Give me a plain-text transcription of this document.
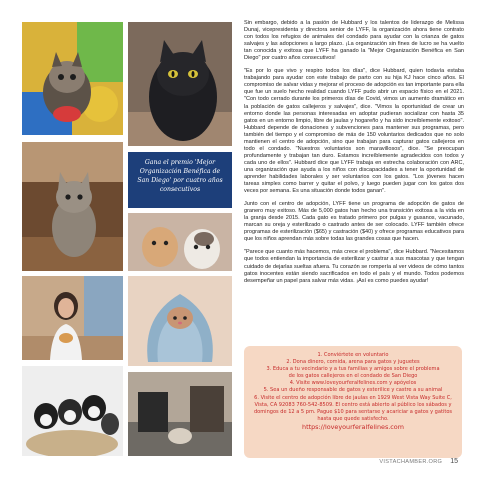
Gana el premio 'Mejor
Organización Benéfica de
San Diego' por cuatro años
consecutivos

Sin embargo, debido a la pasión de Hubbard y los talentos de liderazgo de Melissa Dunaj, vicepresidenta y directora senior de LYFF, la organización ahora tiene contrato con todos los refugios de animales del condado para ayudar con la crianza de gatos salvajes y las adopciones a largo plazo. ¡La organización sin fines de lucro se ha vuelto tan conocida y exitosa que LYFF ha ganado la "Mejor Organización Benéfica en San Diego" por cuatro años consecutivos!

"Es por lo que vivo y respiro todos los días", dice Hubbard, quien todavía estaba trabajando para ayudar con este trabajo de parto con su hija KJ hace cinco años. El compromiso de salvar vidas y mejorar el proceso de adopción es tan importante para ella que fue un suelo hecho realidad cuando LYFF pudo abrir un espacio físico en el 2021. "Con todo cerrado durante los primeros días de Covid, vimos un aumento dramático en la población de gatos callejeros y salvajes", dice. "Vimos la oportunidad de crear un entorno donde las personas interesadas en adoptar pudieran socializar con hasta 35 gatos en un entorno limpio, libre de jaulas y hogareño y ha sido increíblemente exitoso". Hubbard depende de donaciones y subvenciones para mantener sus programas, pero también del tiempo y el compromiso de más de 150 voluntarios dedicados que no solo mantienen el centro de adopción, sino que trabajan para capturar gatos callejeros en todo el condado. "Nuestros voluntarios son maravillosos", dice. "Se preocupan profundamente y trabajan tan duro. Estamos increíblemente agradecidos con todos y cada uno de ellos". Hubbard dice que LYFF trabaja en estrecha colaboración con ARC, una organización que ayuda a los niños con discapacidades a tener la oportunidad de aprender habilidades laborales y ser voluntarios con los gatos. "Los jóvenes hacen tareas simples como barrer y quitar el polvo, y luego pueden jugar con los gatos dos veces por semana. Es una situación donde todos ganan".

Junto con el centro de adopción, LYFF tiene un programa de adopción de gatos de granero muy exitoso. Más de 5,000 gatos han hecho una transición exitosa a la vida en la granja desde 2015. Cada gato es tratado primero por pulgas y gusanos, vacunado, marcan su oreja y esterilizado o castrado antes de ser colocado. LYFF también ofrece programas de esterilización ($65) y castración ($40) y ofrece programas educativos para que los niños aprendan más sobre todas las grandes cosas que hacen.

"Parece que cuanto más hacemos, más crece el problema", dice Hubbard. "Necesitamos que todos entiendan la importancia de esterilizar y castrar a sus mascotas y que tengan cuidado de dejarlas sueltas afuera. Tu corazón se rompería al ver videos de cómo tantos gatos inocentes están siendo sacrificados en todo el país y el mundo. Todos podemos desempeñar un papel para salvar más vidas. ¡Así es como puedes ayudar!

1. Conviértete en voluntario
2. Dona dinero, comida, arena para gatos y juguetes
3. Educa a tu vecindario y a tus familias y amigos sobre el problema
de los gatos callejeros en el condado de San Diego
4. Visite www.loveyourferalfelines.com y apóyelos
5. Sea un dueño responsable de gatos y esterilice y castre a su animal
6. Visite el centro de adopción libre de jaulas en 1929 West Vista Way Suite C,
Vista, CA 92083 760-542-8509. El centro está abierto al público los sábados y domingos de 12 a 5 pm. Pague $10 para sentarse y acariciar a gatos y gatitos hasta que quede satisfecho.
https://loveyourferalfelines.com
VISTACHAMBER.ORG 15
